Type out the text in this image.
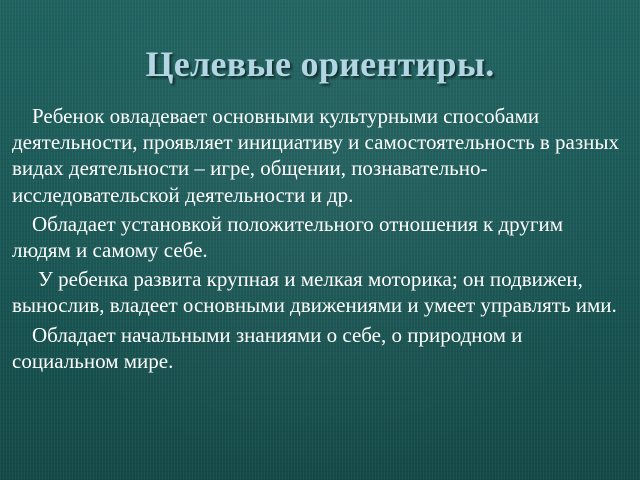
Целевые ориентиры.

Ребенок овладевает основными культурными способами деятельности, проявляет инициативу и самостоятельность в разных видах деятельности – игре, общении, познавательно-исследовательской деятельности и др.

Обладает установкой положительного отношения к другим людям и самому себе.

У ребенка развита крупная и мелкая моторика; он подвижен, вынослив, владеет основными движениями и умеет управлять ими.

Обладает начальными знаниями о себе, о природном и социальном мире.
